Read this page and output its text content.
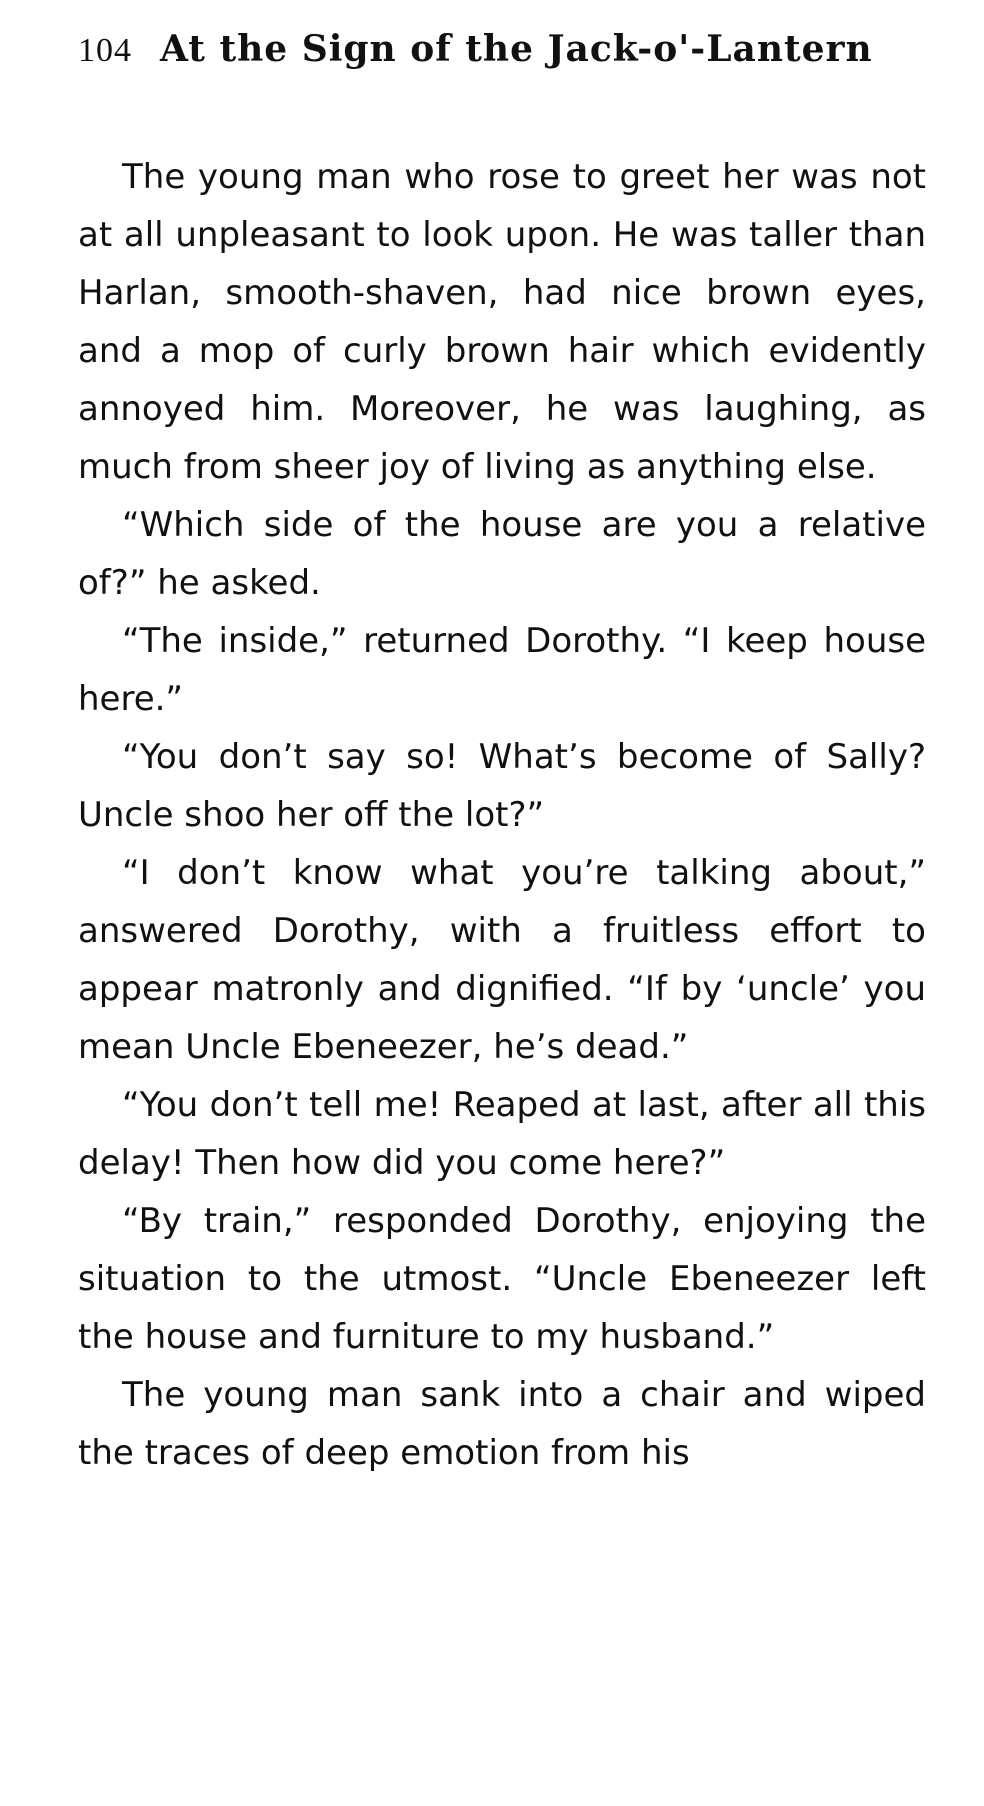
104 At the Sign of the Jack-o'-Lantern

The young man who rose to greet her was not at all unpleasant to look upon. He was taller than Harlan, smooth-shaven, had nice brown eyes, and a mop of curly brown hair which evidently annoyed him. Moreover, he was laughing, as much from sheer joy of living as anything else.

“Which side of the house are you a relative of?” he asked.

“The inside,” returned Dorothy. “I keep house here.”

“You don’t say so! What’s become of Sally? Uncle shoo her off the lot?”

“I don’t know what you’re talking about,” answered Dorothy, with a fruitless effort to appear matronly and dignified. “If by ‘uncle’ you mean Uncle Ebeneezer, he’s dead.”

“You don’t tell me! Reaped at last, after all this delay! Then how did you come here?”

“By train,” responded Dorothy, enjoying the situation to the utmost. “Uncle Ebeneezer left the house and furniture to my husband.”

The young man sank into a chair and wiped the traces of deep emotion from his
